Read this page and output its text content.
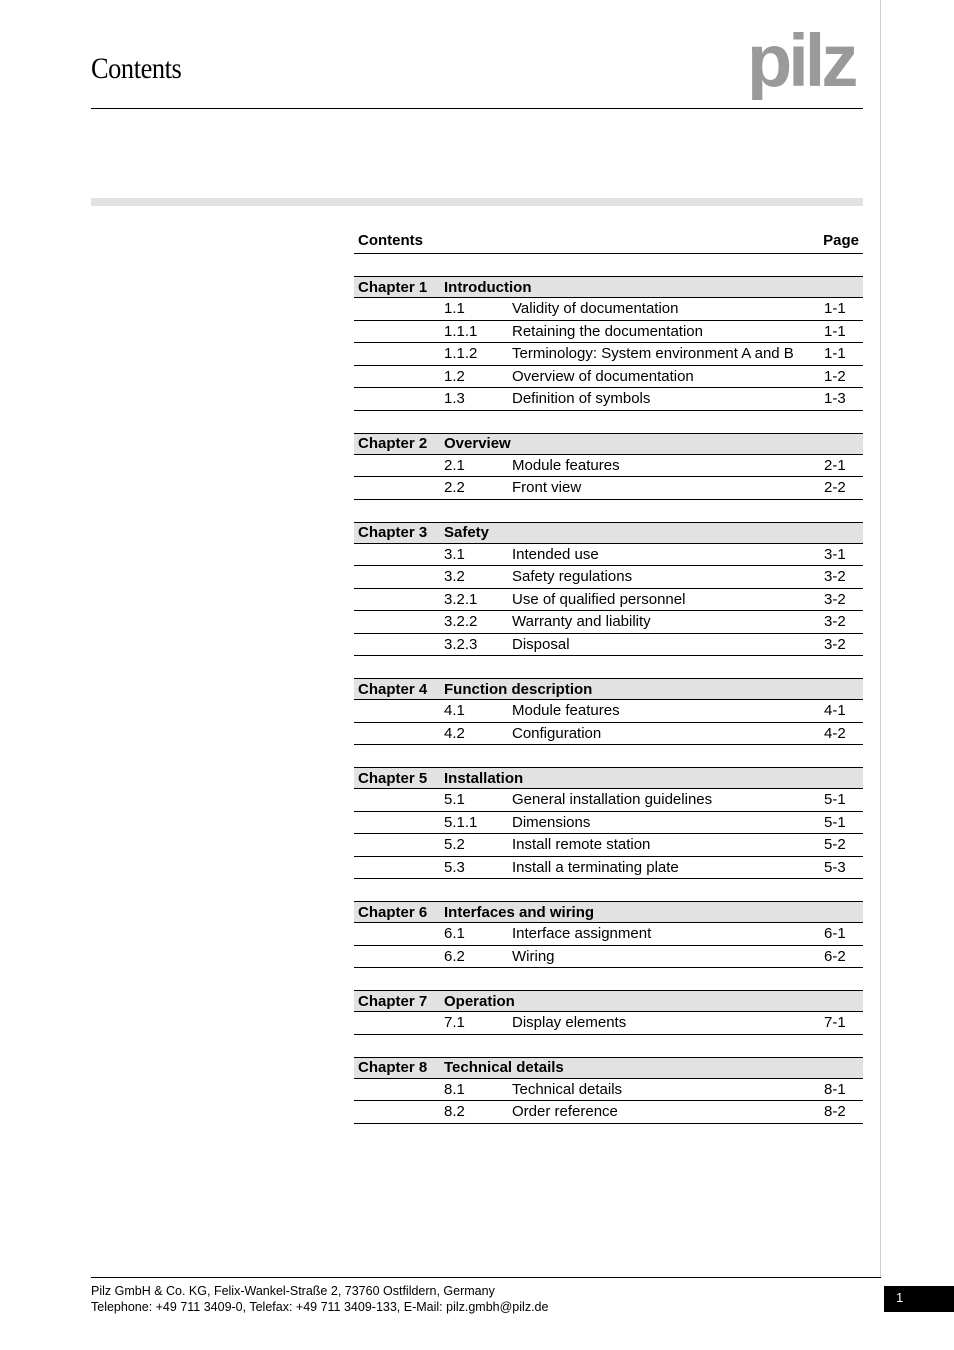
Contents	pilz
Contents	Page
Chapter 1	Introduction
1.1	Validity of documentation	1-1
1.1.1	Retaining the documentation	1-1
1.1.2	Terminology: System environment A and B	1-1
1.2	Overview of documentation	1-2
1.3	Definition of symbols	1-3
Chapter 2	Overview
2.1	Module features	2-1
2.2	Front view	2-2
Chapter 3	Safety
3.1	Intended use	3-1
3.2	Safety regulations	3-2
3.2.1	Use of qualified personnel	3-2
3.2.2	Warranty and liability	3-2
3.2.3	Disposal	3-2
Chapter 4	Function description
4.1	Module features	4-1
4.2	Configuration	4-2
Chapter 5	Installation
5.1	General installation guidelines	5-1
5.1.1	Dimensions	5-1
5.2	Install remote station	5-2
5.3	Install a terminating plate	5-3
Chapter 6	Interfaces and wiring
6.1	Interface assignment	6-1
6.2	Wiring	6-2
Chapter 7	Operation
7.1	Display elements	7-1
Chapter 8	Technical details
8.1	Technical details	8-1
8.2	Order reference	8-2
Pilz GmbH & Co. KG, Felix-Wankel-Straße 2, 73760 Ostfildern, Germany
Telephone: +49 711 3409-0, Telefax: +49 711 3409-133, E-Mail: pilz.gmbh@pilz.de
1
